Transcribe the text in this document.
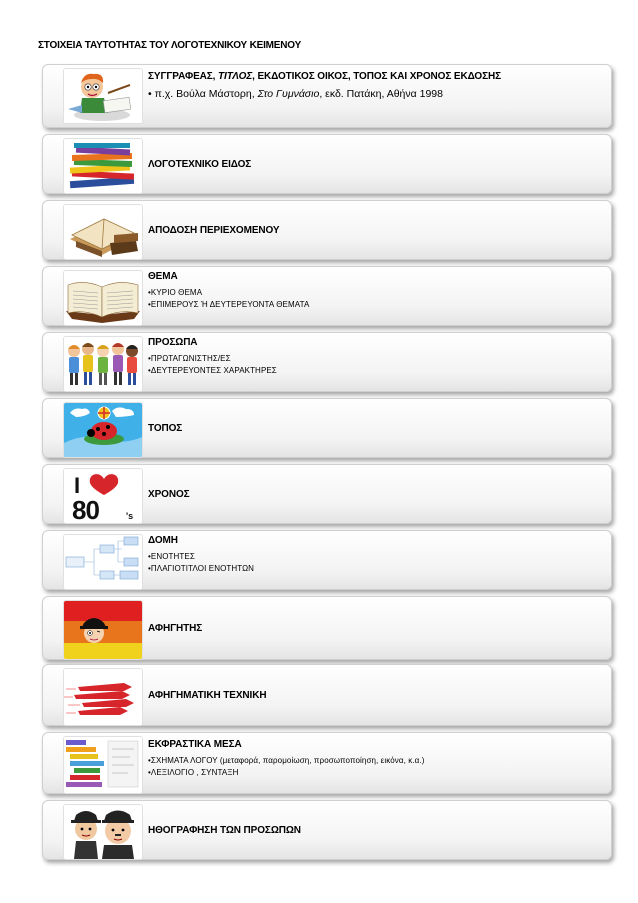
ΣΤΟΙΧΕΙΑ ΤΑΥΤΟΤΗΤΑΣ ΤΟΥ ΛΟΓΟΤΕΧΝΙΚΟΥ ΚΕΙΜΕΝΟΥ
ΣΥΓΓΡΑΦΕΑΣ, ΤΙΤΛΟΣ, ΕΚΔΟΤΙΚΟΣ ΟΙΚΟΣ, ΤΟΠΟΣ ΚΑΙ ΧΡΟΝΟΣ ΕΚΔΟΣΗΣ
• π.χ. Βούλα Μάστορη, Στο Γυμνάσιο, εκδ. Πατάκη, Αθήνα 1998
ΛΟΓΟΤΕΧΝΙΚΟ ΕΙΔΟΣ
ΑΠΟΔΟΣΗ ΠΕΡΙΕΧΟΜΕΝΟΥ
ΘΕΜΑ
•ΚΥΡΙΟ ΘΕΜΑ
•ΕΠΙΜΕΡΟΥΣ Ή ΔΕΥΤΕΡΕΥΟΝΤΑ ΘΕΜΑΤΑ
ΠΡΟΣΩΠΑ
•ΠΡΩΤΑΓΩΝΙΣΤΗΣ/ΕΣ
•ΔΕΥΤΕΡΕΥΟΝΤΕΣ ΧΑΡΑΚΤΗΡΕΣ
ΤΟΠΟΣ
I
80	's
ΧΡΟΝΟΣ
ΔΟΜΗ
•ΕΝΟΤΗΤΕΣ
•ΠΛΑΓΙΟΤΙΤΛΟΙ ΕΝΟΤΗΤΩΝ
ΑΦΗΓΗΤΗΣ
ΑΦΗΓΗΜΑΤΙΚΗ ΤΕΧΝΙΚΗ
ΕΚΦΡΑΣΤΙΚΑ ΜΕΣΑ
•ΣΧΗΜΑΤΑ ΛΟΓΟΥ (μεταφορά, παρομοίωση, προσωποποίηση, εικόνα, κ.α.)
•ΛΕΞΙΛΟΓΙΟ , ΣΥΝΤΑΞΗ
ΗΘΟΓΡΑΦΗΣΗ ΤΩΝ ΠΡΟΣΩΠΩΝ
